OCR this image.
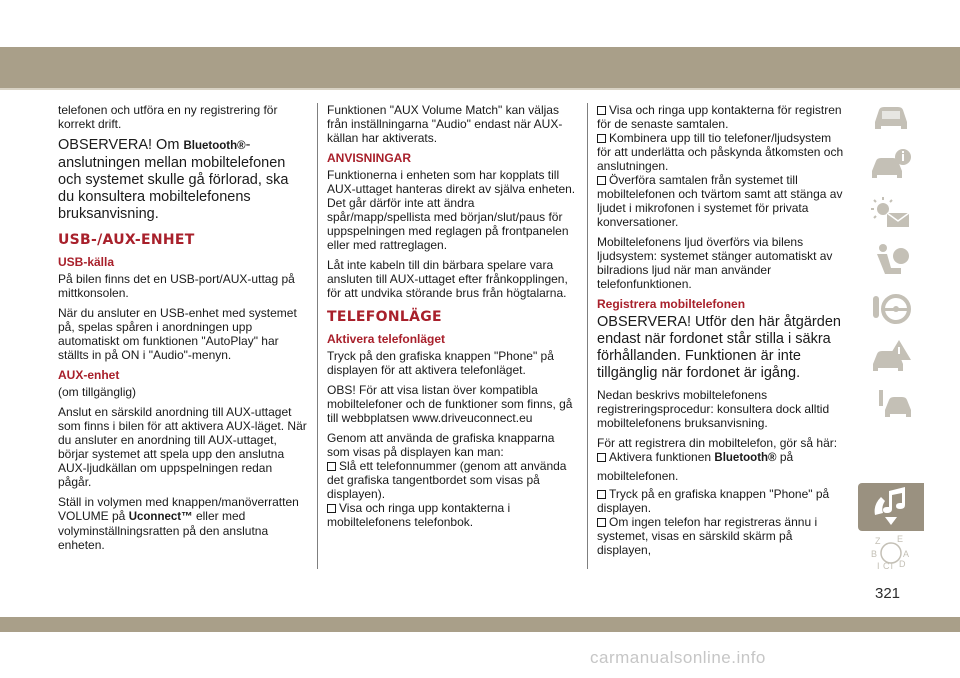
telefonen och utföra en ny registrering för korrekt drift.

OBSERVERA! Om Bluetooth®-anslutningen mellan mobiltelefonen och systemet skulle gå förlorad, ska du konsultera mobiltelefonens bruksanvisning.

USB-/AUX-ENHET
USB-källa

På bilen finns det en USB-port/AUX-uttag på mittkonsolen.

När du ansluter en USB-enhet med systemet på, spelas spåren i anordningen upp automatiskt om funktionen "AutoPlay" har ställts in på ON i "Audio"-menyn.

AUX-enhet

(om tillgänglig)

Anslut en särskild anordning till AUX-uttaget som finns i bilen för att aktivera AUX-läget. När du ansluter en anordning till AUX-uttaget, börjar systemet att spela upp den anslutna AUX-ljudkällan om uppspelningen redan pågår.

Ställ in volymen med knappen/manöverratten VOLUME på Uconnect™ eller med volyminställningsratten på den anslutna enheten.

Funktionen "AUX Volume Match" kan väljas från inställningarna "Audio" endast när AUX-källan har aktiverats.

ANVISNINGAR

Funktionerna i enheten som har kopplats till AUX-uttaget hanteras direkt av själva enheten. Det går därför inte att ändra spår/mapp/spellista med början/slut/paus för uppspelningen med reglagen på frontpanelen eller med rattreglagen.

Låt inte kabeln till din bärbara spelare vara ansluten till AUX-uttaget efter frånkopplingen, för att undvika störande brus från högtalarna.

TELEFONLÄGE
Aktivera telefonläget

Tryck på den grafiska knappen "Phone" på displayen för att aktivera telefonläget.

OBS! För att visa listan över kompatibla mobiltelefoner och de funktioner som finns, gå till webbplatsen www.driveuconnect.eu

Genom att använda de grafiska knapparna som visas på displayen kan man:

Slå ett telefonnummer (genom att använda det grafiska tangentbordet som visas på displayen).
Visa och ringa upp kontakterna i mobiltelefonens telefonbok.
Visa och ringa upp kontakterna för registren för de senaste samtalen.
Kombinera upp till tio telefoner/ljudsystem för att underlätta och påskynda åtkomsten och anslutningen.
Överföra samtalen från systemet till mobiltelefonen och tvärtom samt att stänga av ljudet i mikrofonen i systemet för privata konversationer.

Mobiltelefonens ljud överförs via bilens ljudsystem: systemet stänger automatiskt av bilradions ljud när man använder telefonfunktionen.

Registrera mobiltelefonen

OBSERVERA! Utför den här åtgärden endast när fordonet står stilla i säkra förhållanden. Funktionen är inte tillgänglig när fordonet är igång.

Nedan beskrivs mobiltelefonens registreringsprocedur: konsultera dock alltid mobiltelefonens bruksanvisning.

För att registrera din mobiltelefon, gör så här:

Aktivera funktionen Bluetooth® på

mobiltelefonen.

Tryck på en grafiska knappen "Phone" på displayen.
Om ingen telefon har registreras ännu i systemet, visas en särskild skärm på displayen,
Z E
B	A
I C T D
321
carmanualsonline.info
